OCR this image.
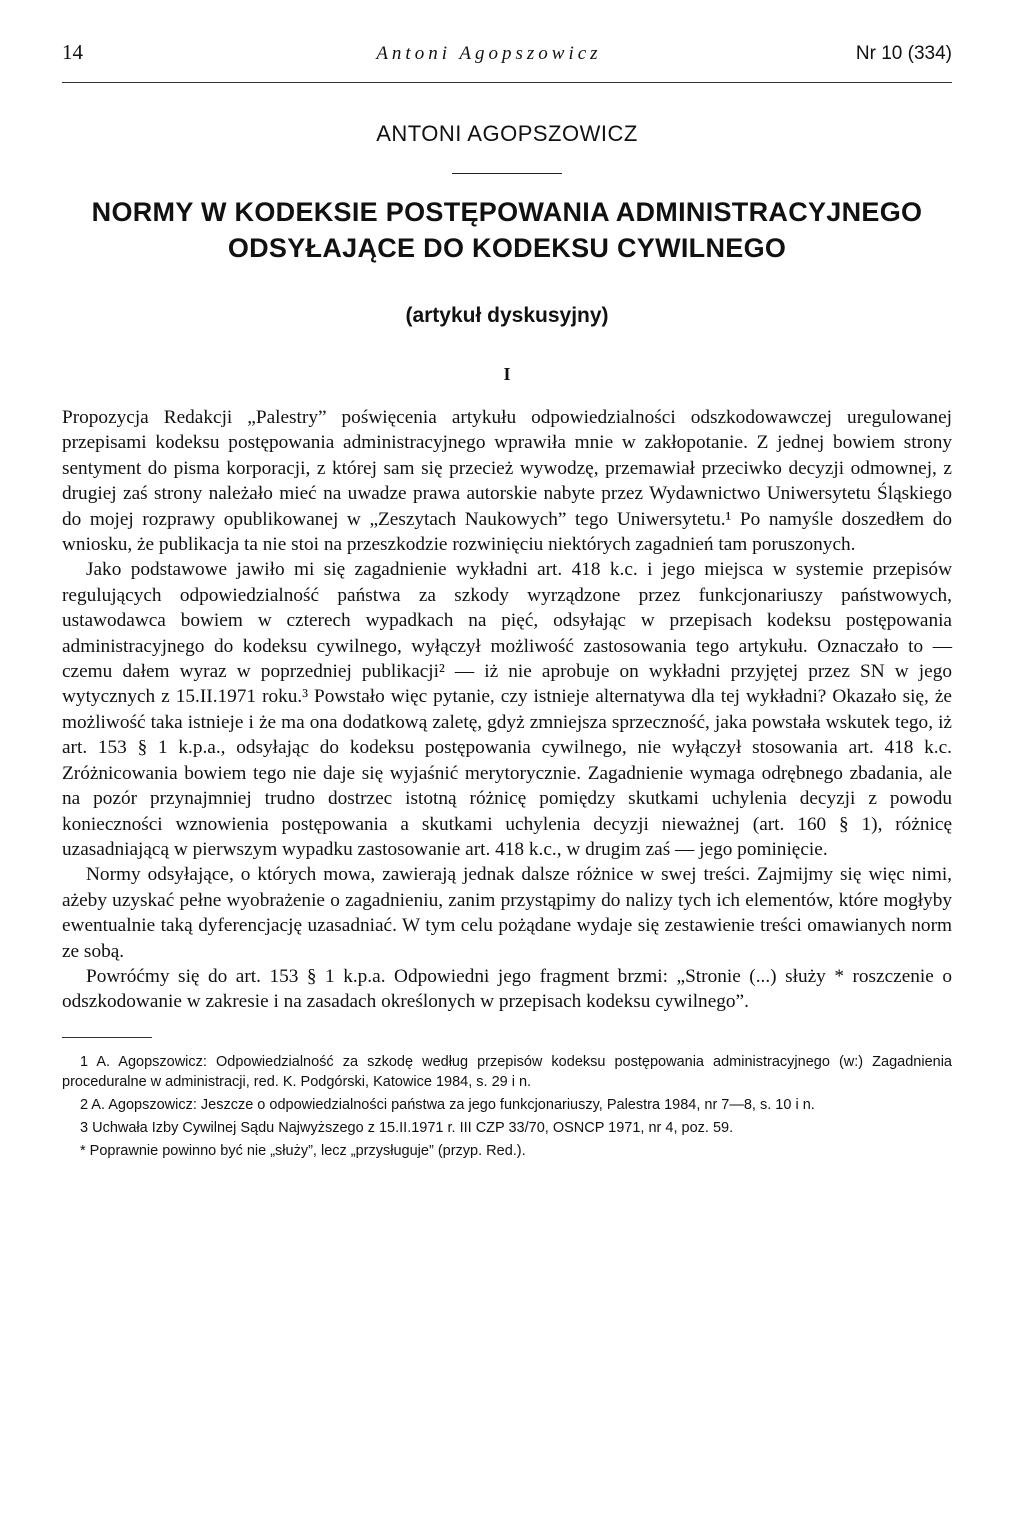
14	Antoni Agopszowicz	Nr 10 (334)
ANTONI AGOPSZOWICZ
NORMY W KODEKSIE POSTĘPOWANIA ADMINISTRACYJNEGO ODSYŁAJĄCE DO KODEKSU CYWILNEGO
(artykuł dyskusyjny)
I

Propozycja Redakcji „Palestry” poświęcenia artykułu odpowiedzialności odszkodowawczej uregulowanej przepisami kodeksu postępowania administracyjnego wprawiła mnie w zakłopotanie. Z jednej bowiem strony sentyment do pisma korporacji, z której sam się przecież wywodzę, przemawiał przeciwko decyzji odmownej, z drugiej zaś strony należało mieć na uwadze prawa autorskie nabyte przez Wydawnictwo Uniwersytetu Śląskiego do mojej rozprawy opublikowanej w „Zeszytach Naukowych” tego Uniwersytetu.¹ Po namyśle doszedłem do wniosku, że publikacja ta nie stoi na przeszkodzie rozwinięciu niektórych zagadnień tam poruszonych.

Jako podstawowe jawiło mi się zagadnienie wykładni art. 418 k.c. i jego miejsca w systemie przepisów regulujących odpowiedzialność państwa za szkody wyrządzone przez funkcjonariuszy państwowych, ustawodawca bowiem w czterech wypadkach na pięć, odsyłając w przepisach kodeksu postępowania administracyjnego do kodeksu cywilnego, wyłączył możliwość zastosowania tego artykułu. Oznaczało to — czemu dałem wyraz w poprzedniej publikacji² — iż nie aprobuje on wykładni przyjętej przez SN w jego wytycznych z 15.II.1971 roku.³ Powstało więc pytanie, czy istnieje alternatywa dla tej wykładni? Okazało się, że możliwość taka istnieje i że ma ona dodatkową zaletę, gdyż zmniejsza sprzeczność, jaka powstała wskutek tego, iż art. 153 § 1 k.p.a., odsyłając do kodeksu postępowania cywilnego, nie wyłączył stosowania art. 418 k.c. Zróżnicowania bowiem tego nie daje się wyjaśnić merytorycznie. Zagadnienie wymaga odrębnego zbadania, ale na pozór przynajmniej trudno dostrzec istotną różnicę pomiędzy skutkami uchylenia decyzji z powodu konieczności wznowienia postępowania a skutkami uchylenia decyzji nieważnej (art. 160 § 1), różnicę uzasadniającą w pierwszym wypadku zastosowanie art. 418 k.c., w drugim zaś — jego pominięcie.

Normy odsyłające, o których mowa, zawierają jednak dalsze różnice w swej treści. Zajmijmy się więc nimi, ażeby uzyskać pełne wyobrażenie o zagadnieniu, zanim przystąpimy do nalizy tych ich elementów, które mogłyby ewentualnie taką dyferencjację uzasadniać. W tym celu pożądane wydaje się zestawienie treści omawianych norm ze sobą.

Powróćmy się do art. 153 § 1 k.p.a. Odpowiedni jego fragment brzmi: „Stronie (...) służy * roszczenie o odszkodowanie w zakresie i na zasadach określonych w przepisach kodeksu cywilnego”.

1 A. Agopszowicz: Odpowiedzialność za szkodę według przepisów kodeksu postępowania administracyjnego (w:) Zagadnienia proceduralne w administracji, red. K. Podgórski, Katowice 1984, s. 29 i n.

2 A. Agopszowicz: Jeszcze o odpowiedzialności państwa za jego funkcjonariuszy, Palestra 1984, nr 7—8, s. 10 i n.

3 Uchwała Izby Cywilnej Sądu Najwyższego z 15.II.1971 r. III CZP 33/70, OSNCP 1971, nr 4, poz. 59.

* Poprawnie powinno być nie „służy”, lecz „przysługuje” (przyp. Red.).
